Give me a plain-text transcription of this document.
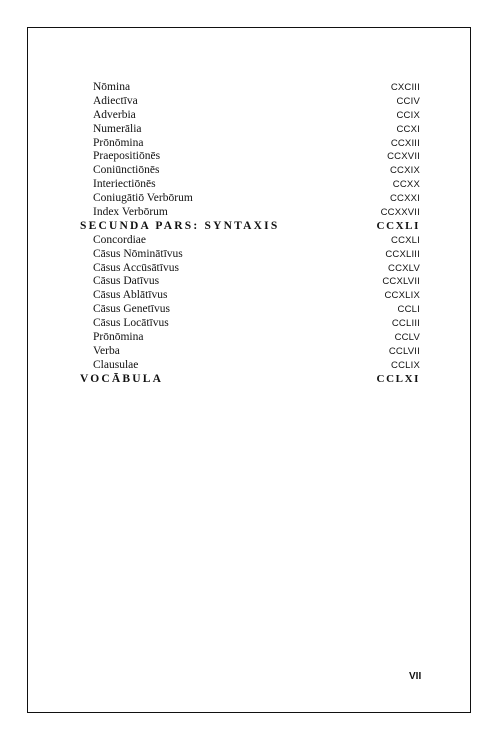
Nōmina	CXCIII
Adiectīva	CCIV
Adverbia	CCIX
Numerālia	CCXI
Prōnōmina	CCXIII
Praepositiōnēs	CCXVII
Coniūnctiōnēs	CCXIX
Interiectiōnēs	CCXX
Coniugātiō Verbōrum	CCXXI
Index Verbōrum	CCXXVII
SECUNDA PARS: SYNTAXIS	CCXLI
Concordiae	CCXLI
Cāsus Nōminātīvus	CCXLIII
Cāsus Accūsātīvus	CCXLV
Cāsus Datīvus	CCXLVII
Cāsus Ablātīvus	CCXLIX
Cāsus Genetīvus	CCLI
Cāsus Locātīvus	CCLIII
Prōnōmina	CCLV
Verba	CCLVII
Clausulae	CCLIX
VOCĀBULA	CCLXI
VII
